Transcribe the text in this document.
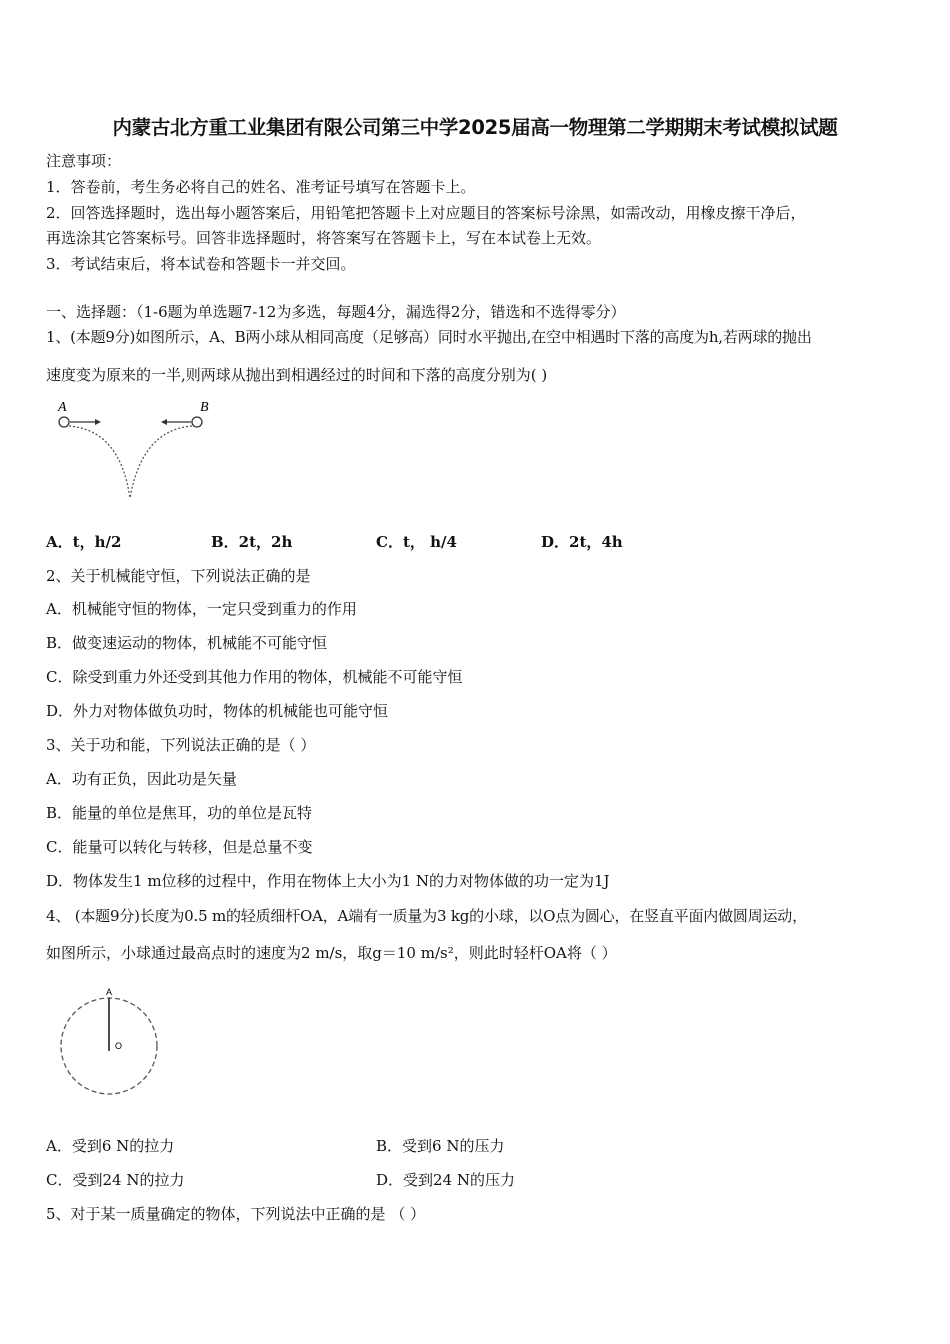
内蒙古北方重工业集团有限公司第三中学2025届高一物理第二学期期末考试模拟试题
注意事项：
1．答卷前，考生务必将自己的姓名、准考证号填写在答题卡上。
2．回答选择题时，选出每小题答案后，用铅笔把答题卡上对应题目的答案标号涂黑，如需改动，用橡皮擦干净后，
再选涂其它答案标号。回答非选择题时，将答案写在答题卡上，写在本试卷上无效。
3．考试结束后，将本试卷和答题卡一并交回。
一、选择题：（1-6题为单选题7-12为多选，每题4分，漏选得2分，错选和不选得零分）
1、(本题9分)如图所示，A、B两小球从相同高度（足够高）同时水平抛出,在空中相遇时下落的高度为h,若两球的抛出
速度变为原来的一半,则两球从抛出到相遇经过的时间和下落的高度分别为( )
A	B
A．t，h/2	B．2t，2h	C．t， h/4	D．2t，4h
2、关于机械能守恒，下列说法正确的是
A．机械能守恒的物体，一定只受到重力的作用
B．做变速运动的物体，机械能不可能守恒
C．除受到重力外还受到其他力作用的物体，机械能不可能守恒
D．外力对物体做负功时，物体的机械能也可能守恒
3、关于功和能，下列说法正确的是（ ）
A．功有正负，因此功是矢量
B．能量的单位是焦耳，功的单位是瓦特
C．能量可以转化与转移，但是总量不变
D．物体发生1 m位移的过程中，作用在物体上大小为1 N的力对物体做的功一定为1J
4、 (本题9分)长度为0.5 m的轻质细杆OA，A端有一质量为3 kg的小球，以O点为圆心，在竖直平面内做圆周运动，
如图所示，小球通过最高点时的速度为2 m/s，取g＝10 m/s²，则此时轻杆OA将（ ）
A
O
A．受到6 N的拉力	B．受到6 N的压力
C．受到24 N的拉力	D．受到24 N的压力
5、对于某一质量确定的物体，下列说法中正确的是 （ ）
